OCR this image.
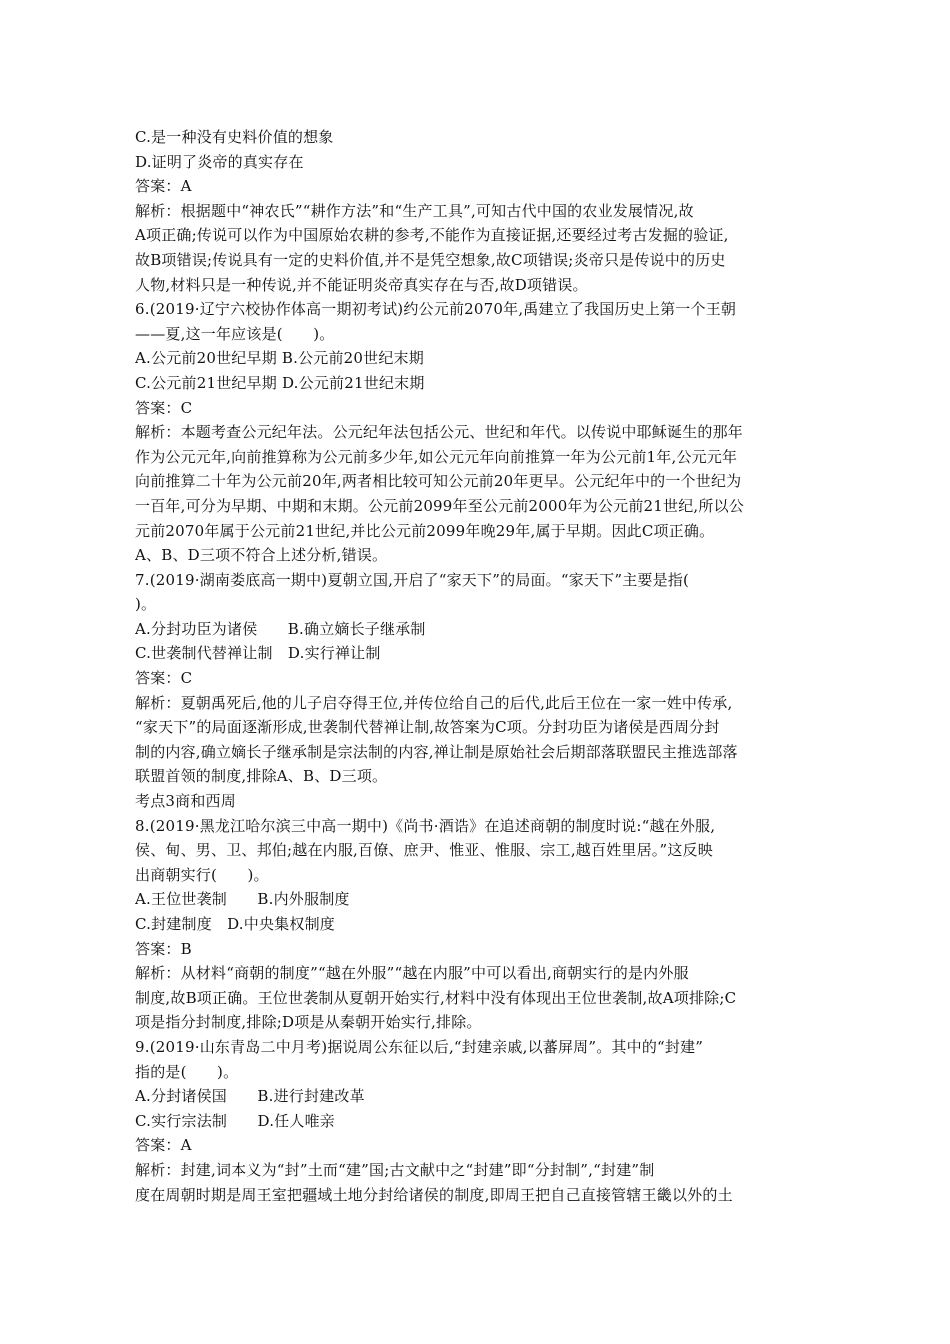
C.是一种没有史料价值的想象
D.证明了炎帝的真实存在
答案：A
解析：根据题中“神农氏”“耕作方法”和“生产工具”,可知古代中国的农业发展情况,故
A项正确;传说可以作为中国原始农耕的参考,不能作为直接证据,还要经过考古发掘的验证,
故B项错误;传说具有一定的史料价值,并不是凭空想象,故C项错误;炎帝只是传说中的历史
人物,材料只是一种传说,并不能证明炎帝真实存在与否,故D项错误。
6.(2019·辽宁六校协作体高一期初考试)约公元前2070年,禹建立了我国历史上第一个王朝
——夏,这一年应该是(　　)。
A.公元前20世纪早期 B.公元前20世纪末期
C.公元前21世纪早期 D.公元前21世纪末期
答案：C
解析：本题考查公元纪年法。公元纪年法包括公元、世纪和年代。以传说中耶稣诞生的那年
作为公元元年,向前推算称为公元前多少年,如公元元年向前推算一年为公元前1年,公元元年
向前推算二十年为公元前20年,两者相比较可知公元前20年更早。公元纪年中的一个世纪为
一百年,可分为早期、中期和末期。公元前2099年至公元前2000年为公元前21世纪,所以公
元前2070年属于公元前21世纪,并比公元前2099年晚29年,属于早期。因此C项正确。
A、B、D三项不符合上述分析,错误。
7.(2019·湖南娄底高一期中)夏朝立国,开启了“家天下”的局面。“家天下”主要是指(
)。
A.分封功臣为诸侯　　B.确立嫡长子继承制
C.世袭制代替禅让制　D.实行禅让制
答案：C
解析：夏朝禹死后,他的儿子启夺得王位,并传位给自己的后代,此后王位在一家一姓中传承,
“家天下”的局面逐渐形成,世袭制代替禅让制,故答案为C项。分封功臣为诸侯是西周分封
制的内容,确立嫡长子继承制是宗法制的内容,禅让制是原始社会后期部落联盟民主推选部落
联盟首领的制度,排除A、B、D三项。
考点3商和西周
8.(2019·黑龙江哈尔滨三中高一期中)《尚书·酒诰》在追述商朝的制度时说:“越在外服,
侯、甸、男、卫、邦伯;越在内服,百僚、庶尹、惟亚、惟服、宗工,越百姓里居。”这反映
出商朝实行(　　)。
A.王位世袭制　　B.内外服制度
C.封建制度　D.中央集权制度
答案：B
解析：从材料“商朝的制度”“越在外服”“越在内服”中可以看出,商朝实行的是内外服
制度,故B项正确。王位世袭制从夏朝开始实行,材料中没有体现出王位世袭制,故A项排除;C
项是指分封制度,排除;D项是从秦朝开始实行,排除。
9.(2019·山东青岛二中月考)据说周公东征以后,“封建亲戚,以蕃屏周”。其中的“封建”
指的是(　　)。
A.分封诸侯国　　B.进行封建改革
C.实行宗法制　　D.任人唯亲
答案：A
解析：封建,词本义为“封”土而“建”国;古文献中之“封建”即“分封制”,“封建”制
度在周朝时期是周王室把疆域土地分封给诸侯的制度,即周王把自己直接管辖王畿以外的土
